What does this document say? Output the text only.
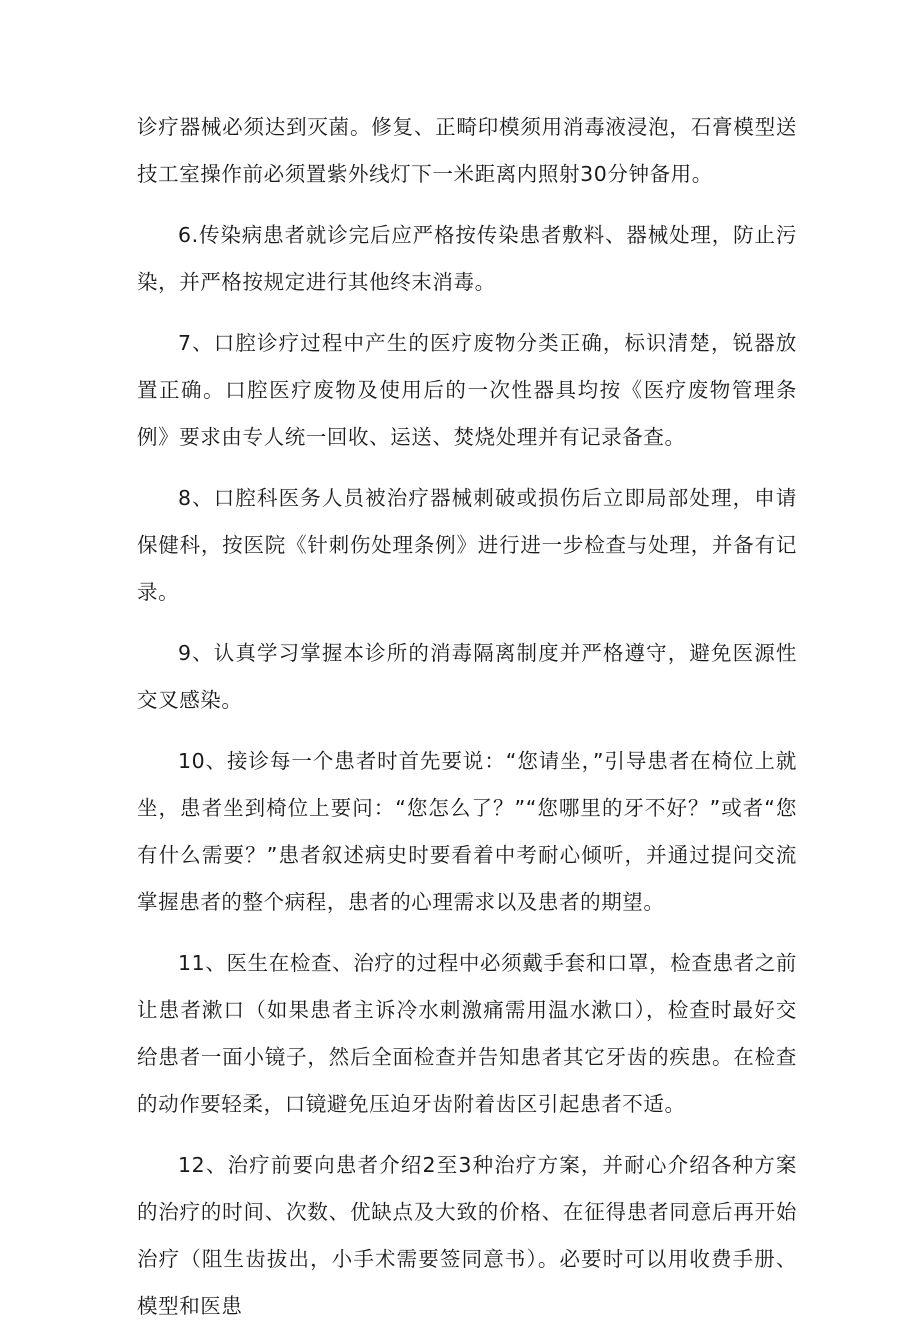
诊疗器械必须达到灭菌。修复、正畸印模须用消毒液浸泡，石膏模型送技工室操作前必须置紫外线灯下一米距离内照射30分钟备用。

6.传染病患者就诊完后应严格按传染患者敷料、器械处理，防止污染，并严格按规定进行其他终末消毒。

7、口腔诊疗过程中产生的医疗废物分类正确，标识清楚，锐器放置正确。口腔医疗废物及使用后的一次性器具均按《医疗废物管理条例》要求由专人统一回收、运送、焚烧处理并有记录备查。

8、口腔科医务人员被治疗器械刺破或损伤后立即局部处理，申请保健科，按医院《针刺伤处理条例》进行进一步检查与处理，并备有记录。

9、认真学习掌握本诊所的消毒隔离制度并严格遵守，避免医源性交叉感染。

10、接诊每一个患者时首先要说：“您请坐，”引导患者在椅位上就坐，患者坐到椅位上要问：“您怎么了？”“您哪里的牙不好？”或者“您有什么需要？”患者叙述病史时要看着中考耐心倾听，并通过提问交流掌握患者的整个病程，患者的心理需求以及患者的期望。

11、医生在检查、治疗的过程中必须戴手套和口罩，检查患者之前让患者漱口（如果患者主诉冷水刺激痛需用温水漱口），检查时最好交给患者一面小镜子，然后全面检查并告知患者其它牙齿的疾患。在检查的动作要轻柔，口镜避免压迫牙齿附着齿区引起患者不适。

12、治疗前要向患者介绍2至3种治疗方案，并耐心介绍各种方案的治疗的时间、次数、优缺点及大致的价格、在征得患者同意后再开始治疗（阻生齿拔出，小手术需要签同意书）。必要时可以用收费手册、模型和医患
